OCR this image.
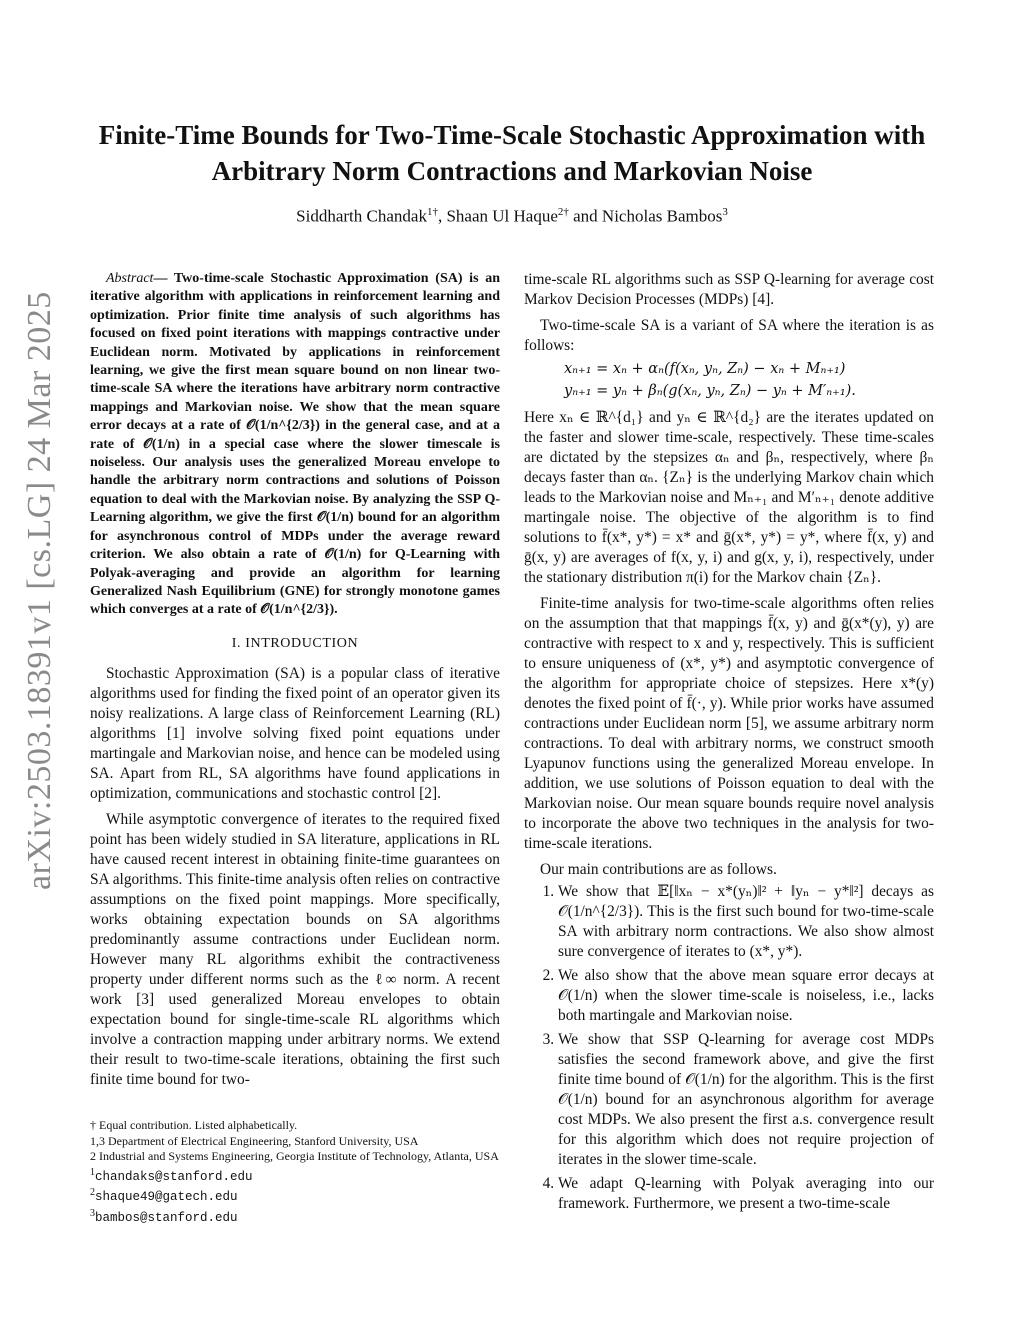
arXiv:2503.18391v1 [cs.LG] 24 Mar 2025
Finite-Time Bounds for Two-Time-Scale Stochastic Approximation with Arbitrary Norm Contractions and Markovian Noise
Siddharth Chandak$^{1\dagger}$, Shaan Ul Haque$^{2\dagger}$ and Nicholas Bambos$^3$

Abstract— Two-time-scale Stochastic Approximation (SA) is an iterative algorithm with applications in reinforcement learning and optimization. Prior finite time analysis of such algorithms has focused on fixed point iterations with mappings contractive under Euclidean norm. Motivated by applications in reinforcement learning, we give the first mean square bound on non linear two-time-scale SA where the iterations have arbitrary norm contractive mappings and Markovian noise. We show that the mean square error decays at a rate of 𝒪(1/n^{2/3}) in the general case, and at a rate of 𝒪(1/n) in a special case where the slower timescale is noiseless. Our analysis uses the generalized Moreau envelope to handle the arbitrary norm contractions and solutions of Poisson equation to deal with the Markovian noise. By analyzing the SSP Q-Learning algorithm, we give the first 𝒪(1/n) bound for an algorithm for asynchronous control of MDPs under the average reward criterion. We also obtain a rate of 𝒪(1/n) for Q-Learning with Polyak-averaging and provide an algorithm for learning Generalized Nash Equilibrium (GNE) for strongly monotone games which converges at a rate of 𝒪(1/n^{2/3}).

I. INTRODUCTION

Stochastic Approximation (SA) is a popular class of iterative algorithms used for finding the fixed point of an operator given its noisy realizations. A large class of Reinforcement Learning (RL) algorithms [1] involve solving fixed point equations under martingale and Markovian noise, and hence can be modeled using SA. Apart from RL, SA algorithms have found applications in optimization, communications and stochastic control [2].

While asymptotic convergence of iterates to the required fixed point has been widely studied in SA literature, applications in RL have caused recent interest in obtaining finite-time guarantees on SA algorithms. This finite-time analysis often relies on contractive assumptions on the fixed point mappings. More specifically, works obtaining expectation bounds on SA algorithms predominantly assume contractions under Euclidean norm. However many RL algorithms exhibit the contractiveness property under different norms such as the ℓ∞ norm. A recent work [3] used generalized Moreau envelopes to obtain expectation bound for single-time-scale RL algorithms which involve a contraction mapping under arbitrary norms. We extend their result to two-time-scale iterations, obtaining the first such finite time bound for two-

time-scale RL algorithms such as SSP Q-learning for average cost Markov Decision Processes (MDPs) [4].

Two-time-scale SA is a variant of SA where the iteration is as follows:

xₙ₊₁ = xₙ + αₙ(f(xₙ, yₙ, Zₙ) − xₙ + Mₙ₊₁)
yₙ₊₁ = yₙ + βₙ(g(xₙ, yₙ, Zₙ) − yₙ + M′ₙ₊₁).

Here xₙ ∈ ℝ^{d₁} and yₙ ∈ ℝ^{d₂} are the iterates updated on the faster and slower time-scale, respectively. These time-scales are dictated by the stepsizes αₙ and βₙ, respectively, where βₙ decays faster than αₙ. {Zₙ} is the underlying Markov chain which leads to the Markovian noise and Mₙ₊₁ and M′ₙ₊₁ denote additive martingale noise. The objective of the algorithm is to find solutions to f̄(x*, y*) = x* and ḡ(x*, y*) = y*, where f̄(x, y) and ḡ(x, y) are averages of f(x, y, i) and g(x, y, i), respectively, under the stationary distribution π(i) for the Markov chain {Zₙ}.

Finite-time analysis for two-time-scale algorithms often relies on the assumption that that mappings f̄(x, y) and ḡ(x*(y), y) are contractive with respect to x and y, respectively. This is sufficient to ensure uniqueness of (x*, y*) and asymptotic convergence of the algorithm for appropriate choice of stepsizes. Here x*(y) denotes the fixed point of f̄(·, y). While prior works have assumed contractions under Euclidean norm [5], we assume arbitrary norm contractions. To deal with arbitrary norms, we construct smooth Lyapunov functions using the generalized Moreau envelope. In addition, we use solutions of Poisson equation to deal with the Markovian noise. Our mean square bounds require novel analysis to incorporate the above two techniques in the analysis for two-time-scale iterations.

Our main contributions are as follows.

1. We show that 𝔼[‖xₙ − x*(yₙ)‖² + ‖yₙ − y*‖²] decays as 𝒪(1/n^{2/3}). This is the first such bound for two-time-scale SA with arbitrary norm contractions. We also show almost sure convergence of iterates to (x*, y*).
2. We also show that the above mean square error decays at 𝒪(1/n) when the slower time-scale is noiseless, i.e., lacks both martingale and Markovian noise.
3. We show that SSP Q-learning for average cost MDPs satisfies the second framework above, and give the first finite time bound of 𝒪(1/n) for the algorithm. This is the first 𝒪(1/n) bound for an asynchronous algorithm for average cost MDPs. We also present the first a.s. convergence result for this algorithm which does not require projection of iterates in the slower time-scale.
4. We adapt Q-learning with Polyak averaging into our framework. Furthermore, we present a two-time-scale
† Equal contribution. Listed alphabetically.
1,3 Department of Electrical Engineering, Stanford University, USA
2 Industrial and Systems Engineering, Georgia Institute of Technology, Atlanta, USA
$^1$chandaks@stanford.edu
$^2$shaque49@gatech.edu
$^3$bambos@stanford.edu
